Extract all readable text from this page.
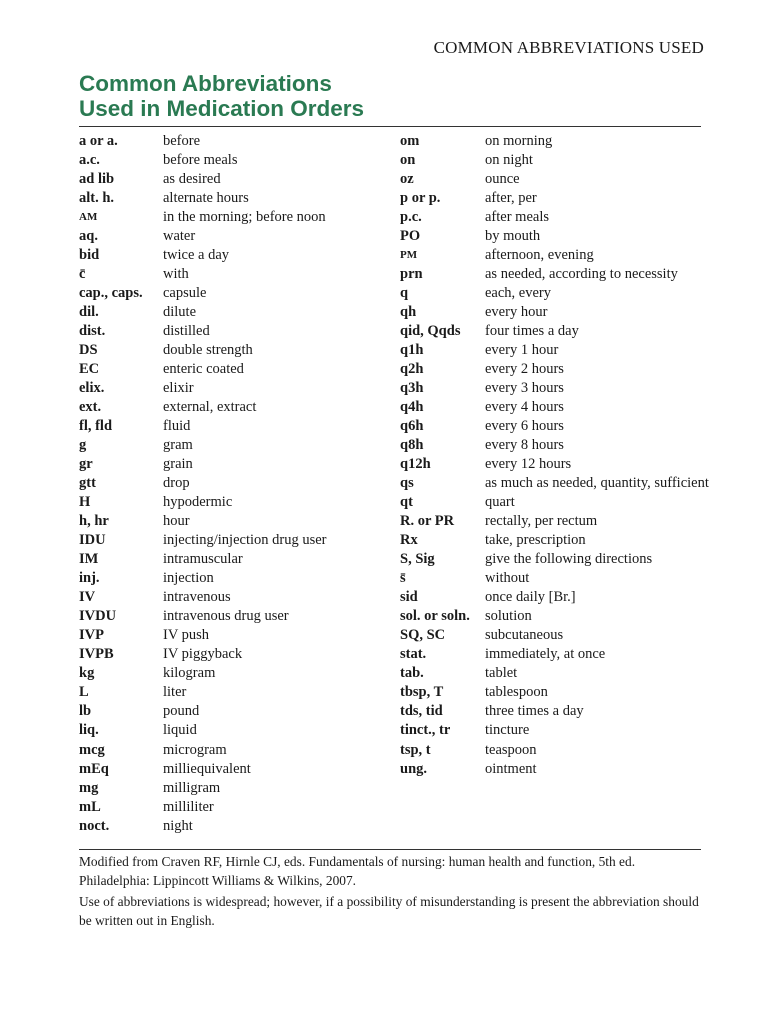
COMMON ABBREVIATIONS USED
Common Abbreviations
Used in Medication Orders
a or a.	before
a.c.	before meals
ad lib	as desired
alt. h.	alternate hours
AM	in the morning; before noon
aq.	water
bid	twice a day
c̄	with
cap., caps.	capsule
dil.	dilute
dist.	distilled
DS	double strength
EC	enteric coated
elix.	elixir
ext.	external, extract
fl, fld	fluid
g	gram
gr	grain
gtt	drop
H	hypodermic
h, hr	hour
IDU	injecting/injection drug user
IM	intramuscular
inj.	injection
IV	intravenous
IVDU	intravenous drug user
IVP	IV push
IVPB	IV piggyback
kg	kilogram
L	liter
lb	pound
liq.	liquid
mcg	microgram
mEq	milliequivalent
mg	milligram
mL	milliliter
noct.	night
om	on morning
on	on night
oz	ounce
p or p.	after, per
p.c.	after meals
PO	by mouth
PM	afternoon, evening
prn	as needed, according to necessity
q	each, every
qh	every hour
qid, Qqds	four times a day
q1h	every 1 hour
q2h	every 2 hours
q3h	every 3 hours
q4h	every 4 hours
q6h	every 6 hours
q8h	every 8 hours
q12h	every 12 hours
qs	as much as needed, quantity, sufficient
qt	quart
R. or PR	rectally, per rectum
Rx	take, prescription
S, Sig	give the following directions
s̄	without
sid	once daily [Br.]
sol. or soln.	solution
SQ, SC	subcutaneous
stat.	immediately, at once
tab.	tablet
tbsp, T	tablespoon
tds, tid	three times a day
tinct., tr	tincture
tsp, t	teaspoon
ung.	ointment

Modified from Craven RF, Hirnle CJ, eds. Fundamentals of nursing: human health and function, 5th ed. Philadelphia: Lippincott Williams & Wilkins, 2007.

Use of abbreviations is widespread; however, if a possibility of misunderstanding is present the abbreviation should be written out in English.
